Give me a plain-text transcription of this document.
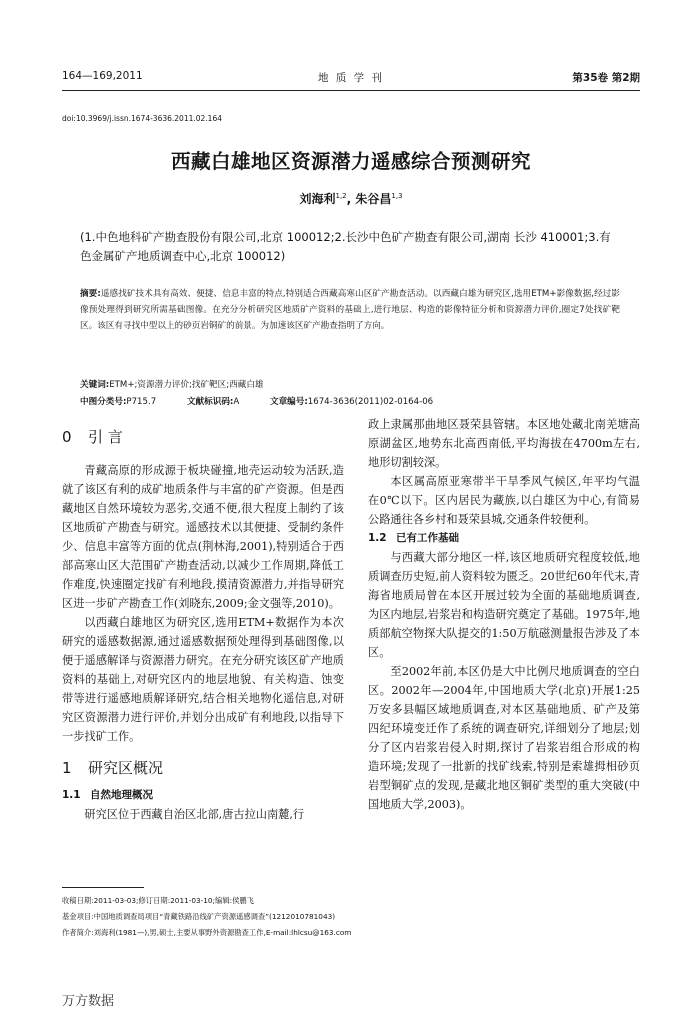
164—169,2011	地 质 学 刊	第35卷 第2期
doi:10.3969/j.issn.1674-3636.2011.02.164
西藏白雄地区资源潜力遥感综合预测研究
刘海利$^{1,2}$, 朱谷昌$^{1,3}$
(1.中色地科矿产勘查股份有限公司,北京 100012;2.长沙中色矿产勘查有限公司,湖南 长沙 410001;3.有色金属矿产地质调查中心,北京 100012)
摘要:遥感找矿技术具有高效、便捷、信息丰富的特点,特别适合西藏高寒山区矿产勘查活动。以西藏白雄为研究区,选用ETM+影像数据,经过影像预处理得到研究所需基础图像。在充分分析研究区地质矿产资料的基础上,进行地层、构造的影像特征分析和资源潜力评价,圈定7处找矿靶区。该区有寻找中型以上的砂页岩铜矿的前景。为加速该区矿产勘查指明了方向。
关键词:ETM+;资源潜力评价;找矿靶区;西藏白雄
中图分类号:P715.7	文献标识码:A	文章编号:1674-3636(2011)02-0164-06
0 引 言

青藏高原的形成源于板块碰撞,地壳运动较为活跃,造就了该区有利的成矿地质条件与丰富的矿产资源。但是西藏地区自然环境较为恶劣,交通不便,很大程度上制约了该区地质矿产勘查与研究。遥感技术以其便捷、受制约条件少、信息丰富等方面的优点(荆林海,2001),特别适合于西部高寒山区大范围矿产勘查活动,以减少工作周期,降低工作难度,快速圈定找矿有利地段,摸清资源潜力,并指导研究区进一步矿产勘查工作(刘晓东,2009;金文强等,2010)。

以西藏白雄地区为研究区,选用ETM+数据作为本次研究的遥感数据源,通过遥感数据预处理得到基础图像,以便于遥感解译与资源潜力研究。在充分研究该区矿产地质资料的基础上,对研究区内的地层地貌、有关构造、蚀变带等进行遥感地质解译研究,结合相关地物化遥信息,对研究区资源潜力进行评价,并划分出成矿有利地段,以指导下一步找矿工作。

1 研究区概况
1.1 自然地理概况

研究区位于西藏自治区北部,唐古拉山南麓,行

政上隶属那曲地区聂荣县管辖。本区地处藏北南羌塘高原湖盆区,地势东北高西南低,平均海拔在4700m左右,地形切割较深。

本区属高原亚寒带半干旱季风气候区,年平均气温在0℃以下。区内居民为藏族,以白雄区为中心,有简易公路通往各乡村和聂荣县城,交通条件较便利。

1.2 已有工作基础

与西藏大部分地区一样,该区地质研究程度较低,地质调查历史短,前人资料较为匮乏。20世纪60年代末,青海省地质局曾在本区开展过较为全面的基础地质调查,为区内地层,岩浆岩和构造研究奠定了基础。1975年,地质部航空物探大队提交的1:50万航磁测量报告涉及了本区。

至2002年前,本区仍是大中比例尺地质调查的空白区。2002年—2004年,中国地质大学(北京)开展1:25万安多县幅区域地质调查,对本区基础地质、矿产及第四纪环境变迁作了系统的调查研究,详细划分了地层;划分了区内岩浆岩侵入时期,探讨了岩浆岩组合形成的构造环境;发现了一批新的找矿线索,特别是索雄拇相砂页岩型铜矿点的发现,是藏北地区铜矿类型的重大突破(中国地质大学,2003)。

收稿日期:2011-03-03;修订日期:2011-03-10;编辑:侯鹏飞
基金项目:中国地质调查局项目“青藏铁路沿线矿产资源遥感调查”(1212010781043)
作者简介:刘海利(1981—),男,硕士,主要从事野外资源勘查工作,E-mail:lhlcsu@163.com
万方数据
